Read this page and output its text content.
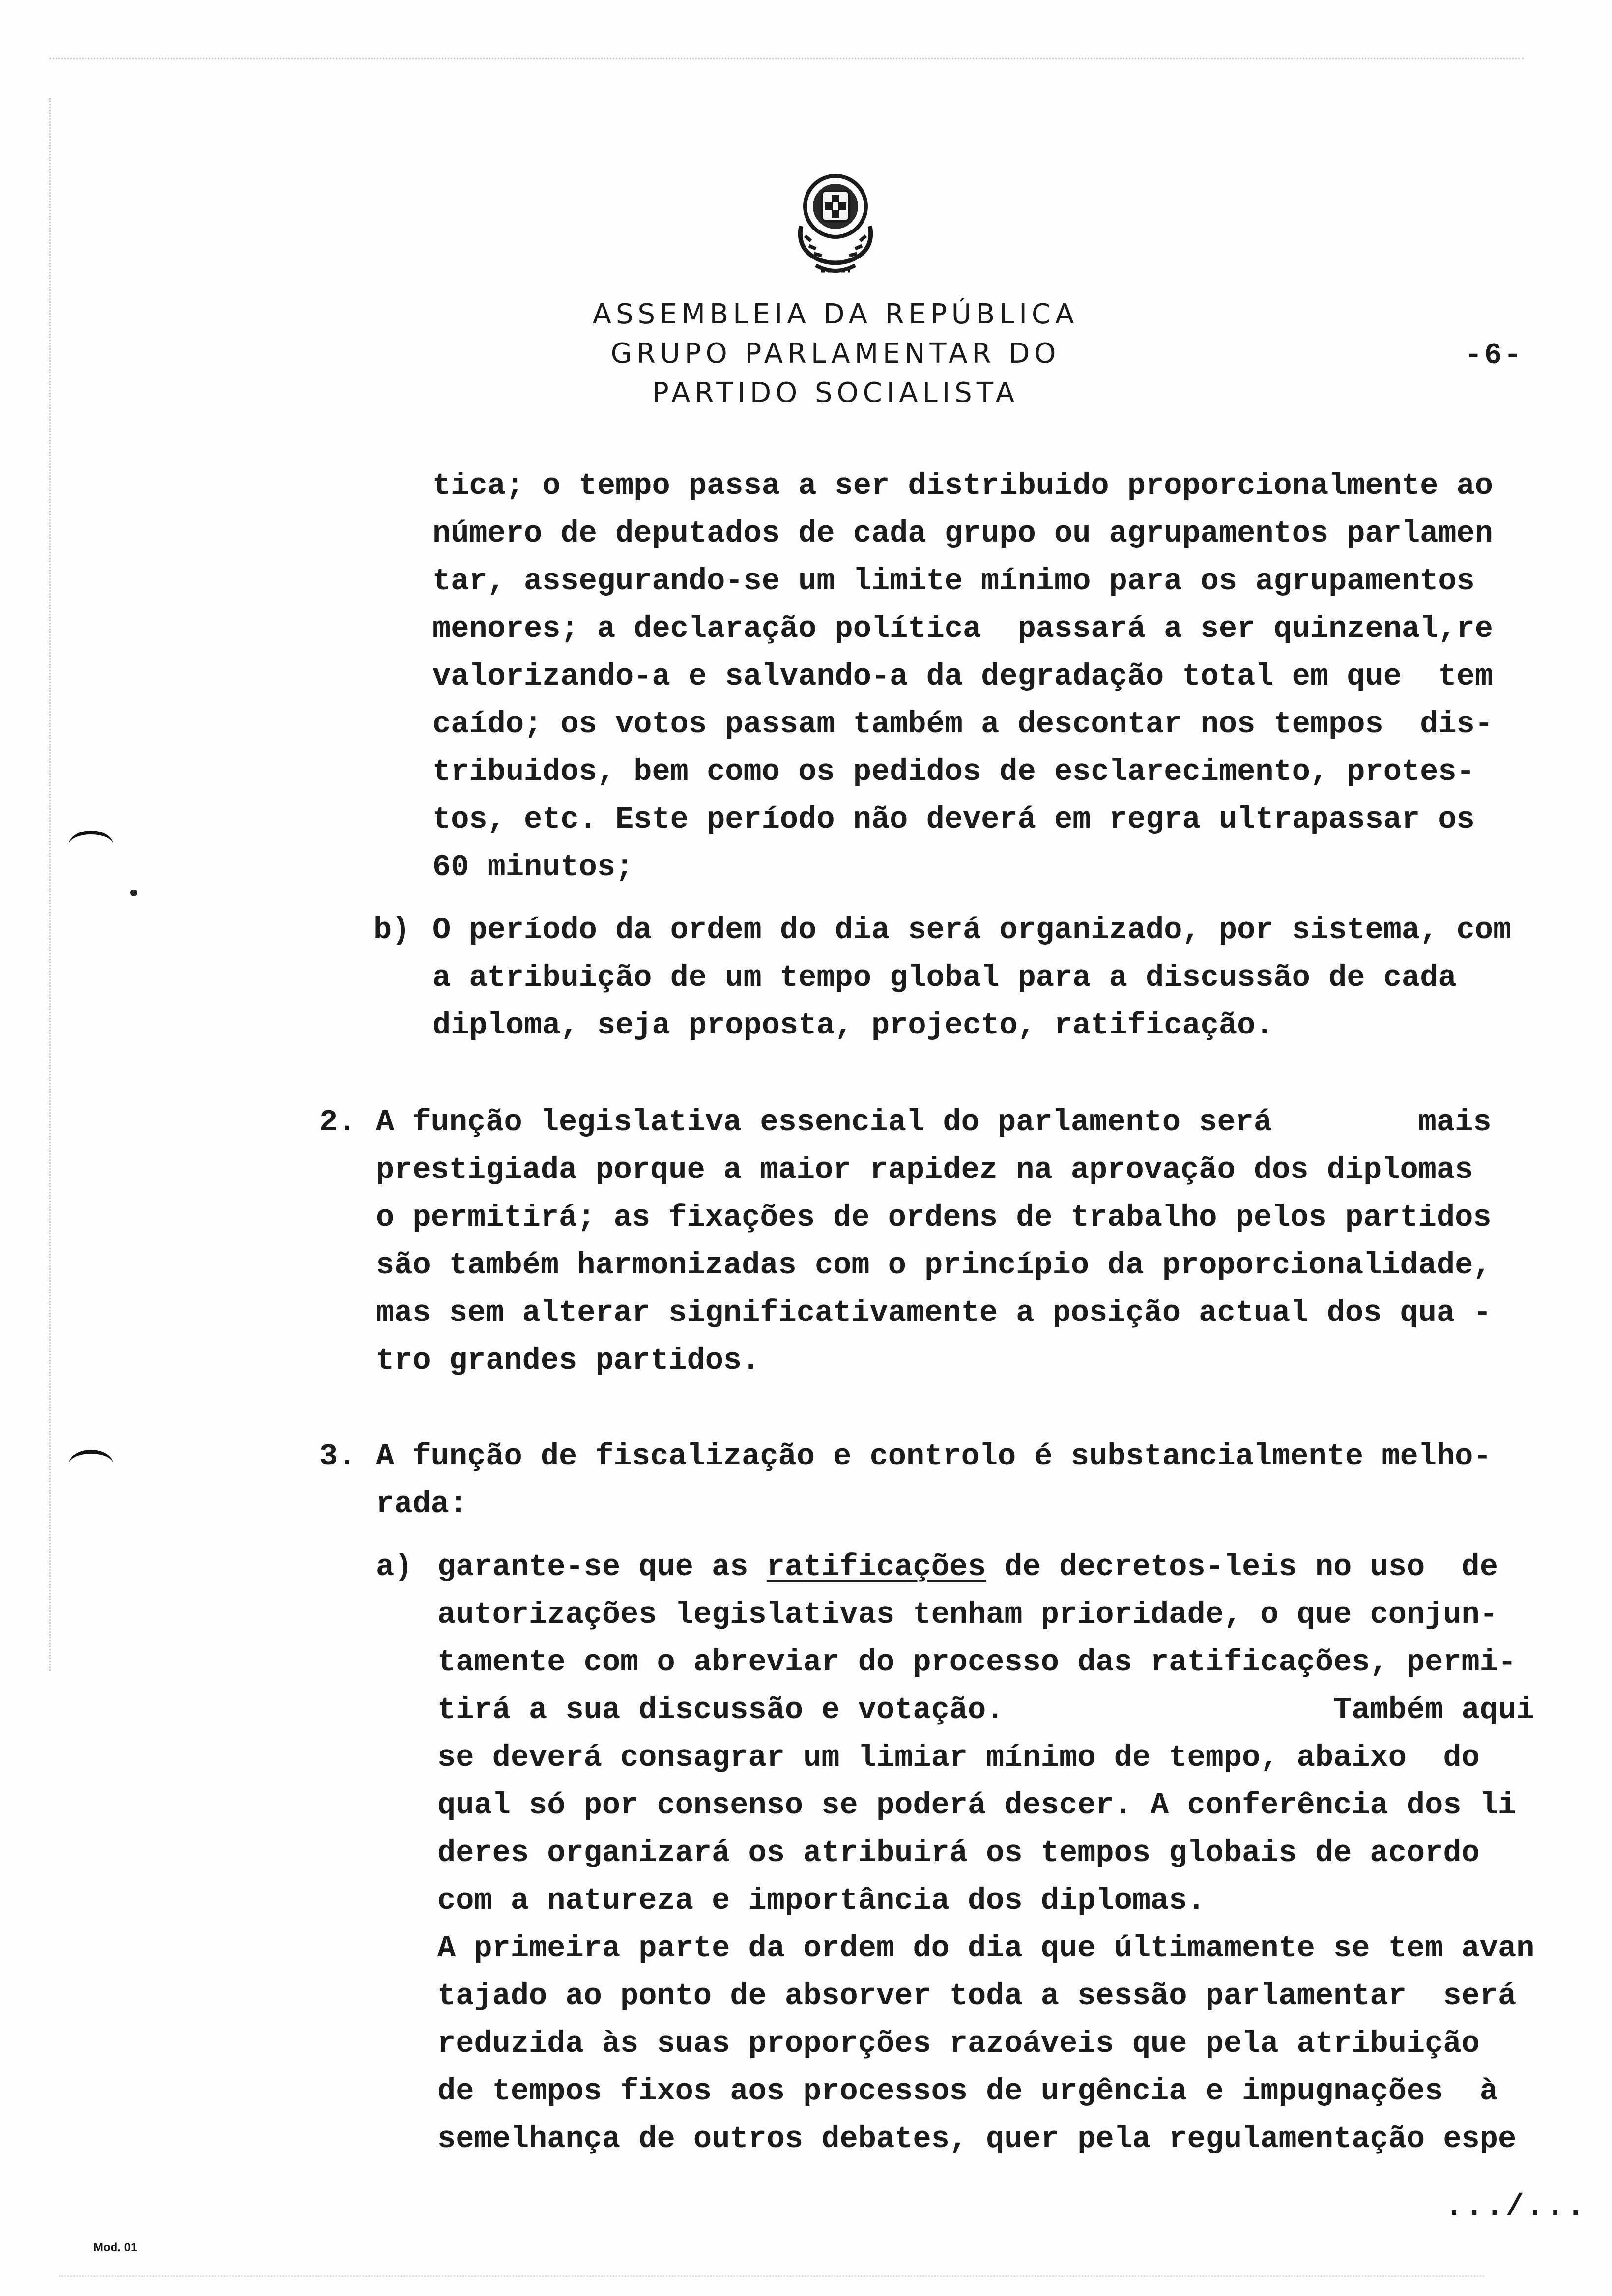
ASSEMBLEIA DA REPÚBLICA
GRUPO PARLAMENTAR DO
PARTIDO SOCIALISTA
-6-

tica; o tempo passa a ser distribuido proporcionalmente ao

número de deputados de cada grupo ou agrupamentos parlamen

tar, assegurando-se um limite mínimo para os agrupamentos

menores; a declaração política  passará a ser quinzenal,re

valorizando-a e salvando-a da degradação total em que  tem

caído; os votos passam também a descontar nos tempos  dis-

tribuidos, bem como os pedidos de esclarecimento, protes-

tos, etc. Este período não deverá em regra ultrapassar os

60 minutos;

b)

O período da ordem do dia será organizado, por sistema, com

a atribuição de um tempo global para a discussão de cada

diploma, seja proposta, projecto, ratificação.

2.

A função legislativa essencial do parlamento será        mais

prestigiada porque a maior rapidez na aprovação dos diplomas

o permitirá; as fixações de ordens de trabalho pelos partidos

são também harmonizadas com o princípio da proporcionalidade,

mas sem alterar significativamente a posição actual dos qua -

tro grandes partidos.

3.

A função de fiscalização e controlo é substancialmente melho-

rada:

a)

garante-se que as ratificações de decretos-leis no uso  de

autorizações legislativas tenham prioridade, o que conjun-

tamente com o abreviar do processo das ratificações, permi-

tirá a sua discussão e votação.                  Também aqui

se deverá consagrar um limiar mínimo de tempo, abaixo  do

qual só por consenso se poderá descer. A conferência dos li

deres organizará os atribuirá os tempos globais de acordo

com a natureza e importância dos diplomas.

A primeira parte da ordem do dia que últimamente se tem avan

tajado ao ponto de absorver toda a sessão parlamentar  será

reduzida às suas proporções razoáveis que pela atribuição

de tempos fixos aos processos de urgência e impugnações  à

semelhança de outros debates, quer pela regulamentação espe

.../...
Mod. 01
